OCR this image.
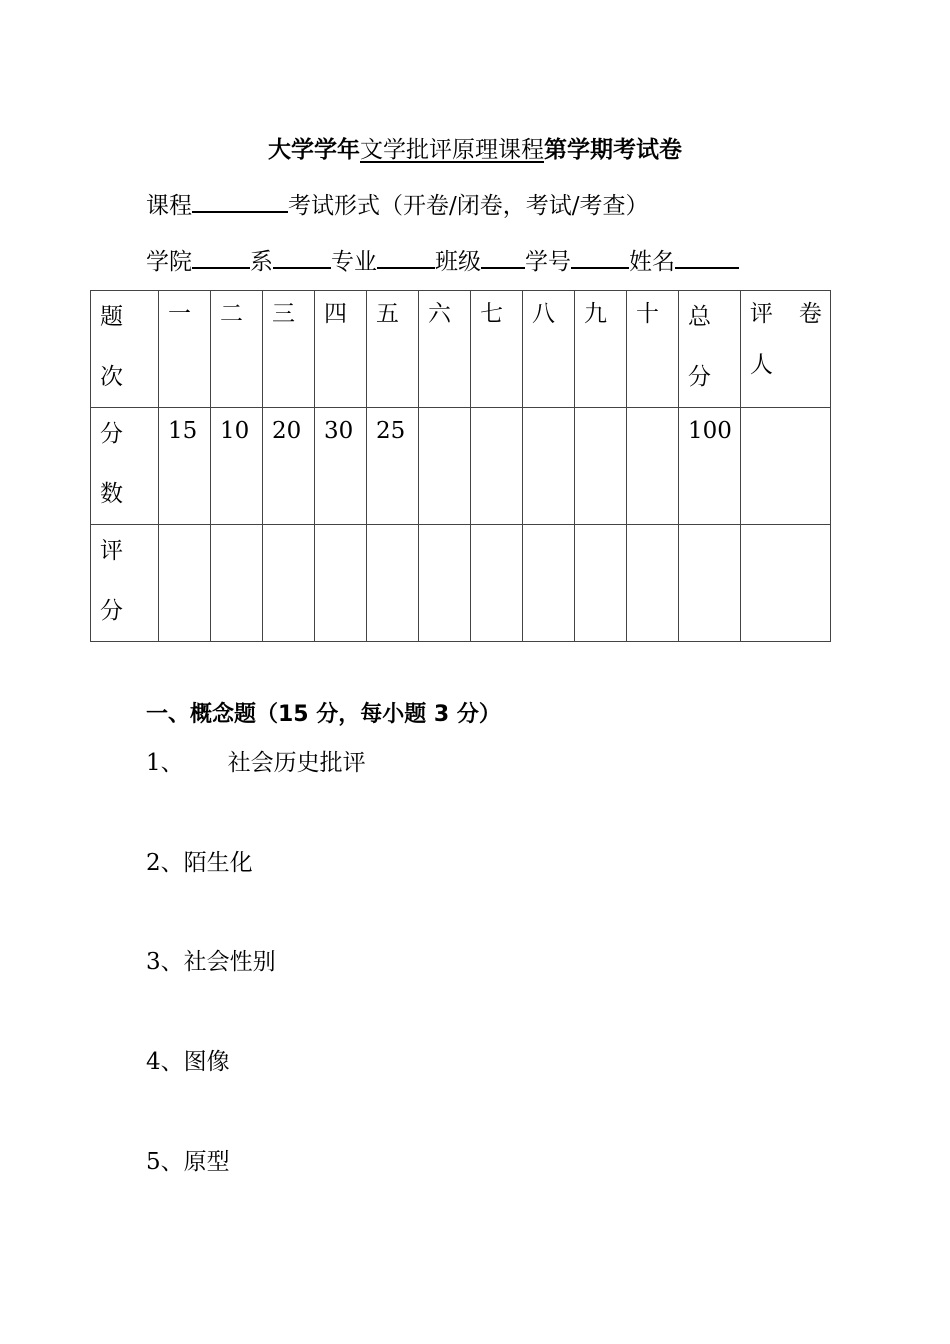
大学学年文学批评原理课程第学期考试卷
课程	考试形式（开卷/闭卷，考试/考查）
学院	系	专业	班级 学号	姓名
题次	一	二	三	四	五	六	七	八	九	十	总分	评 卷
人

分数	15	10	20	30	25						100	

评分												

一、概念题（15 分，每小题 3 分）
1、 社会历史批评
2、陌生化
3、社会性别
4、图像
5、原型
